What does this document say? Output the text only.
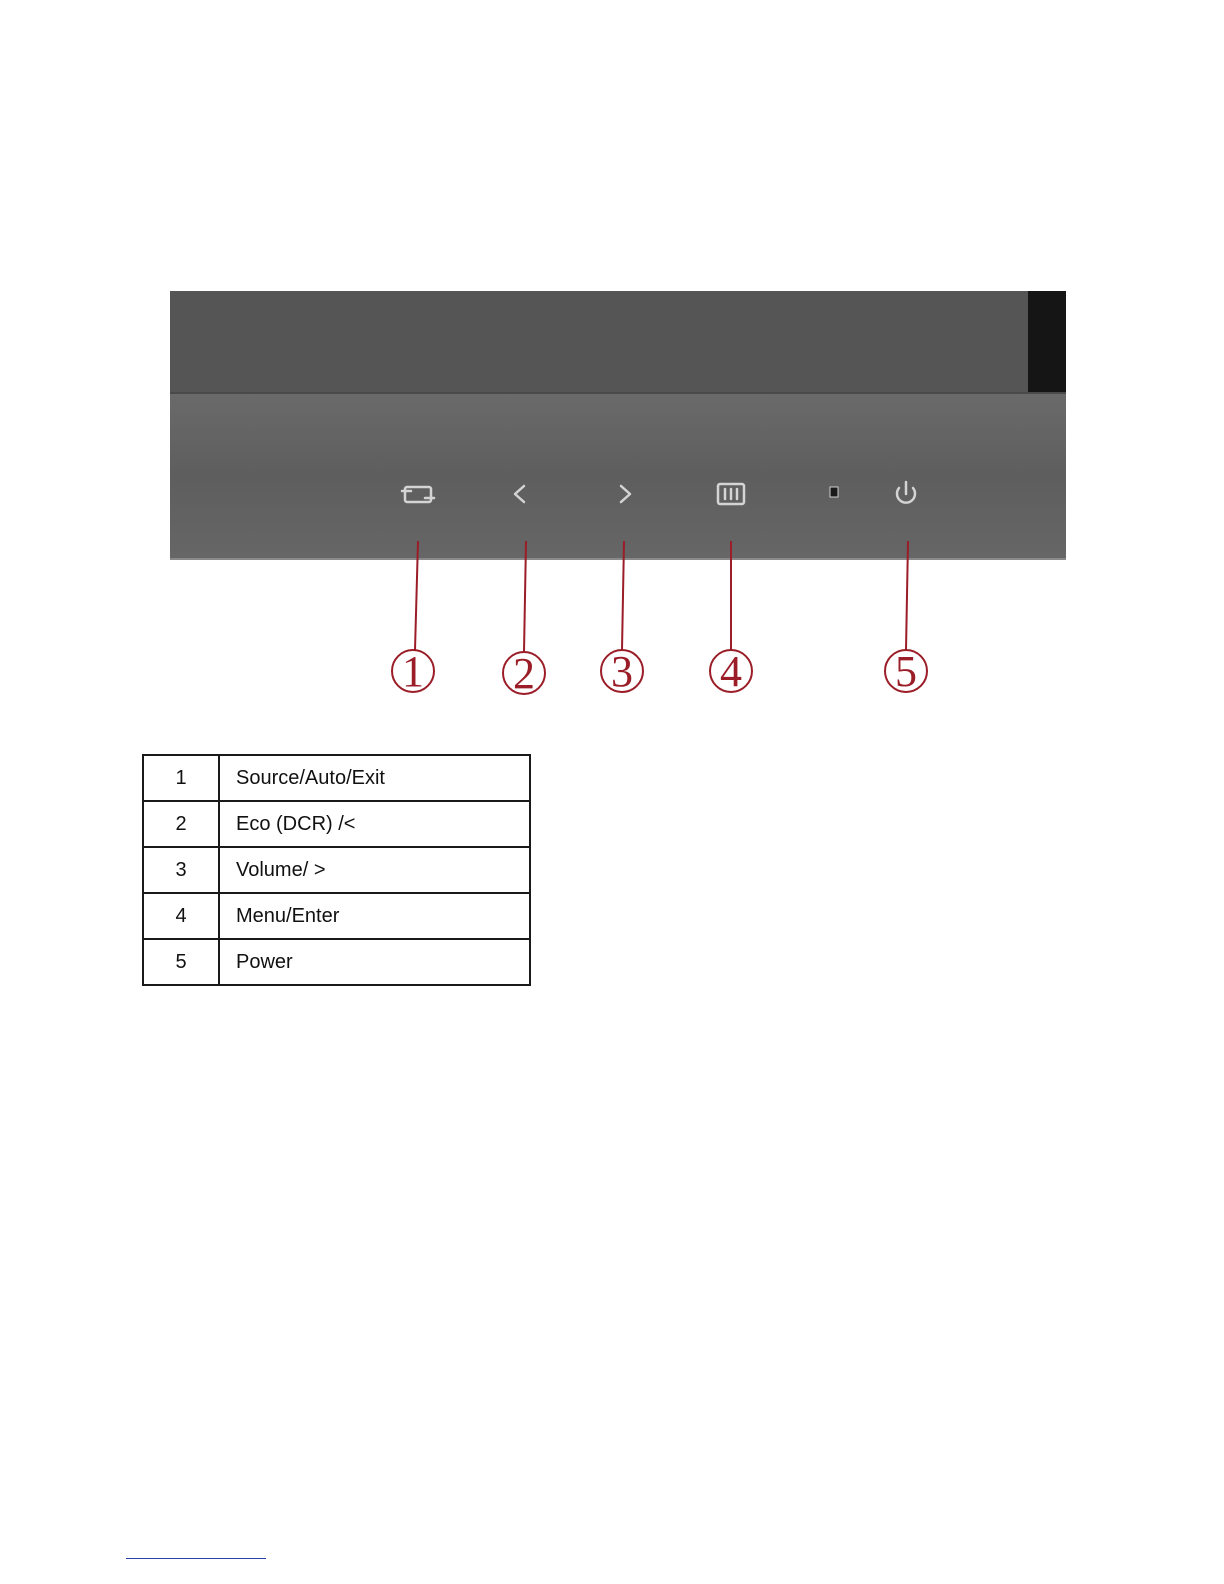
1 2 3 4	5
1	Source/Auto/Exit
2	Eco (DCR) /<
3	Volume/ >
4	Menu/Enter
5	Power
